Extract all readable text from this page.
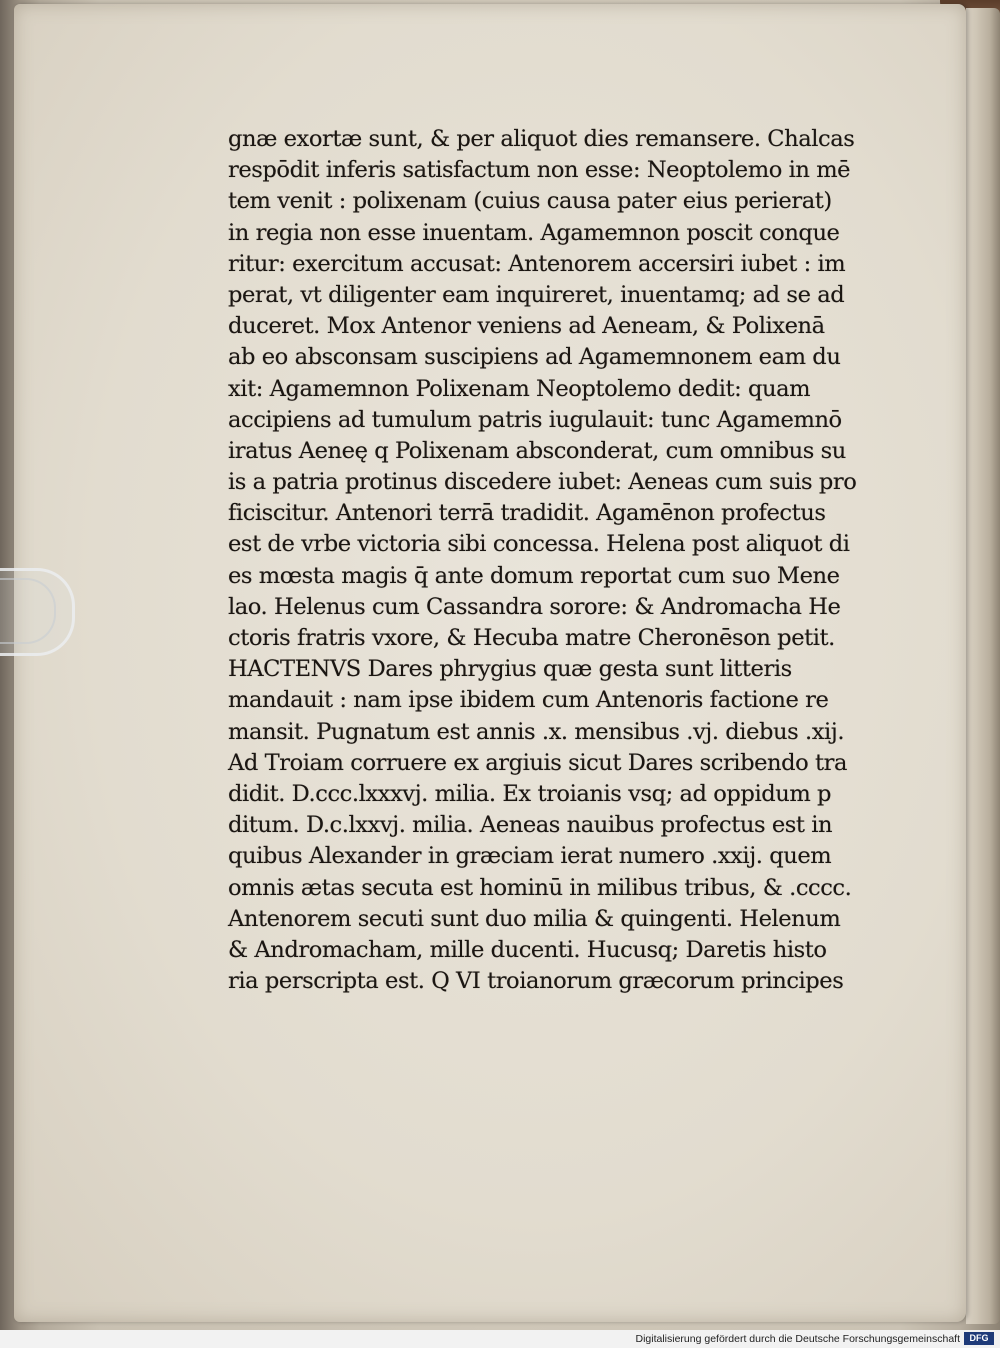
gnæ exortæ sunt, & per aliquot dies remansere. Chalcas
respōdit inferis satisfactum non esse: Neoptolemo in mē
tem venit : polixenam (cuius causa pater eius perierat)
in regia non esse inuentam. Agamemnon poscit conque
ritur: exercitum accusat: Antenorem accersiri iubet : im
perat, vt diligenter eam inquireret, inuentamq; ad se ad
duceret. Mox Antenor veniens ad Aeneam, & Polixenā
ab eo absconsam suscipiens ad Agamemnonem eam du
xit: Agamemnon Polixenam Neoptolemo dedit: quam
accipiens ad tumulum patris iugulauit: tunc Agamemnō
iratus Aeneę q Polixenam absconderat, cum omnibus su
is a patria protinus discedere iubet: Aeneas cum suis pro
ficiscitur. Antenori terrā tradidit. Agamēnon profectus
est de vrbe victoria sibi concessa. Helena post aliquot di
es mœsta magis q̄ ante domum reportat cum suo Mene
lao. Helenus cum Cassandra sorore: & Andromacha He
ctoris fratris vxore, & Hecuba matre Cheronēson petit.
HACTENVS Dares phrygius quæ gesta sunt litteris
mandauit : nam ipse ibidem cum Antenoris factione re
mansit. Pugnatum est annis .x. mensibus .vj. diebus .xij.
Ad Troiam corruere ex argiuis sicut Dares scribendo tra
didit. D.ccc.lxxxvj. milia. Ex troianis vsq; ad oppidum p
ditum. D.c.lxxvj. milia. Aeneas nauibus profectus est in
quibus Alexander in græciam ierat numero .xxij. quem
omnis ætas secuta est hominū in milibus tribus, & .cccc.
Antenorem secuti sunt duo milia & quingenti. Helenum
& Andromacham, mille ducenti. Hucusq; Daretis histo
ria perscripta est. Q VI troianorum græcorum principes
Digitalisierung gefördert durch die Deutsche Forschungsgemeinschaft	DFG
